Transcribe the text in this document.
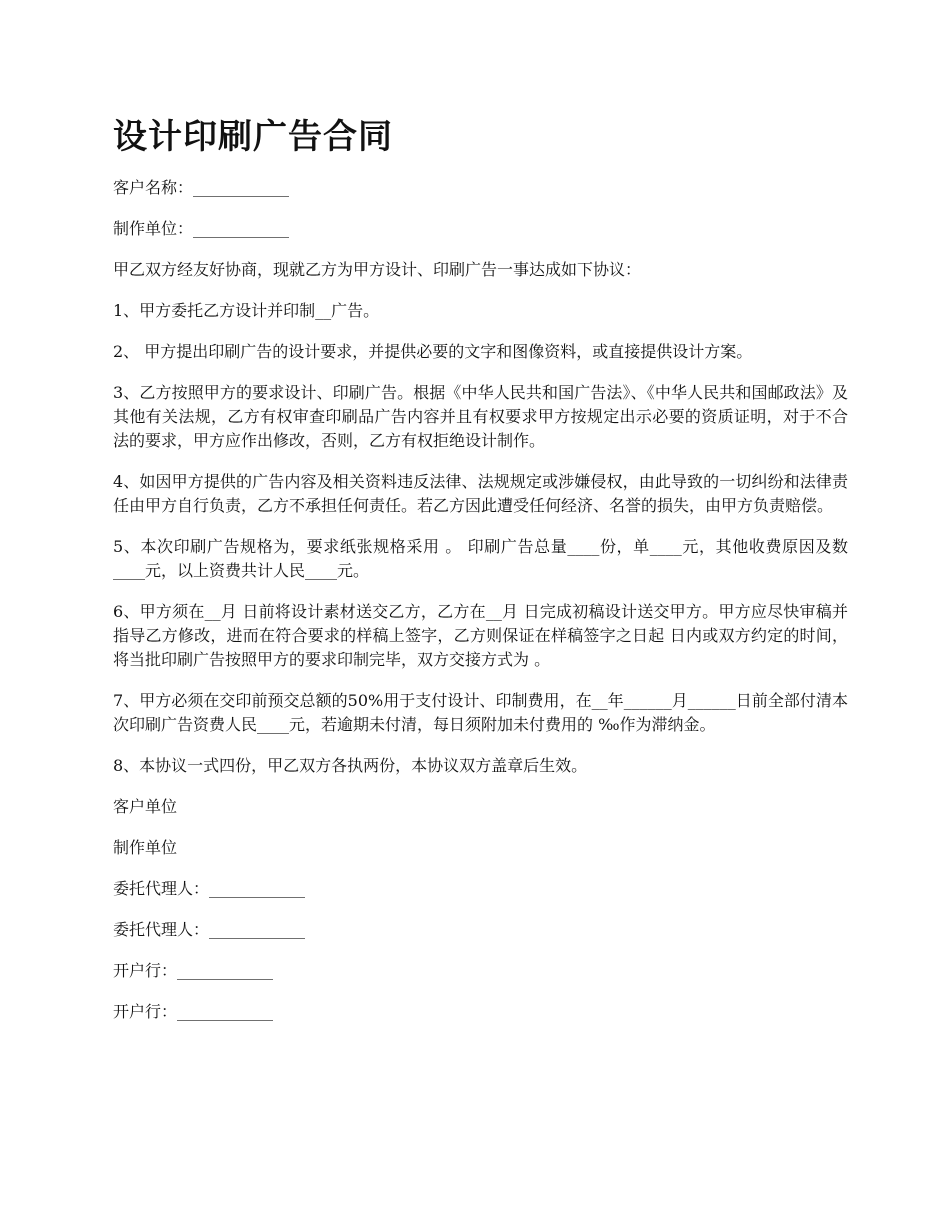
设计印刷广告合同

客户名称：____________

制作单位：____________

甲乙双方经友好协商，现就乙方为甲方设计、印刷广告一事达成如下协议：

1、甲方委托乙方设计并印制__广告。

2、 甲方提出印刷广告的设计要求，并提供必要的文字和图像资料，或直接提供设计方案。

3、乙方按照甲方的要求设计、印刷广告。根据《中华人民共和国广告法》、《中华人民共和国邮政法》及其他有关法规，乙方有权审查印刷品广告内容并且有权要求甲方按规定出示必要的资质证明，对于不合法的要求，甲方应作出修改，否则，乙方有权拒绝设计制作。

4、如因甲方提供的广告内容及相关资料违反法律、法规规定或涉嫌侵权，由此导致的一切纠纷和法律责任由甲方自行负责，乙方不承担任何责任。若乙方因此遭受任何经济、名誉的损失，由甲方负责赔偿。

5、本次印刷广告规格为，要求纸张规格采用 。 印刷广告总量____份，单____元，其他收费原因及数____元，以上资费共计人民____元。

6、甲方须在__月 日前将设计素材送交乙方，乙方在__月 日完成初稿设计送交甲方。甲方应尽快审稿并指导乙方修改，进而在符合要求的样稿上签字，乙方则保证在样稿签字之日起 日内或双方约定的时间，将当批印刷广告按照甲方的要求印制完毕，双方交接方式为 。

7、甲方必须在交印前预交总额的50%用于支付设计、印制费用，在__年______月______日前全部付清本次印刷广告资费人民____元，若逾期未付清，每日须附加未付费用的 ‰作为滞纳金。

8、本协议一式四份，甲乙双方各执两份，本协议双方盖章后生效。

客户单位

制作单位

委托代理人：____________

委托代理人：____________

开户行：____________

开户行：____________
